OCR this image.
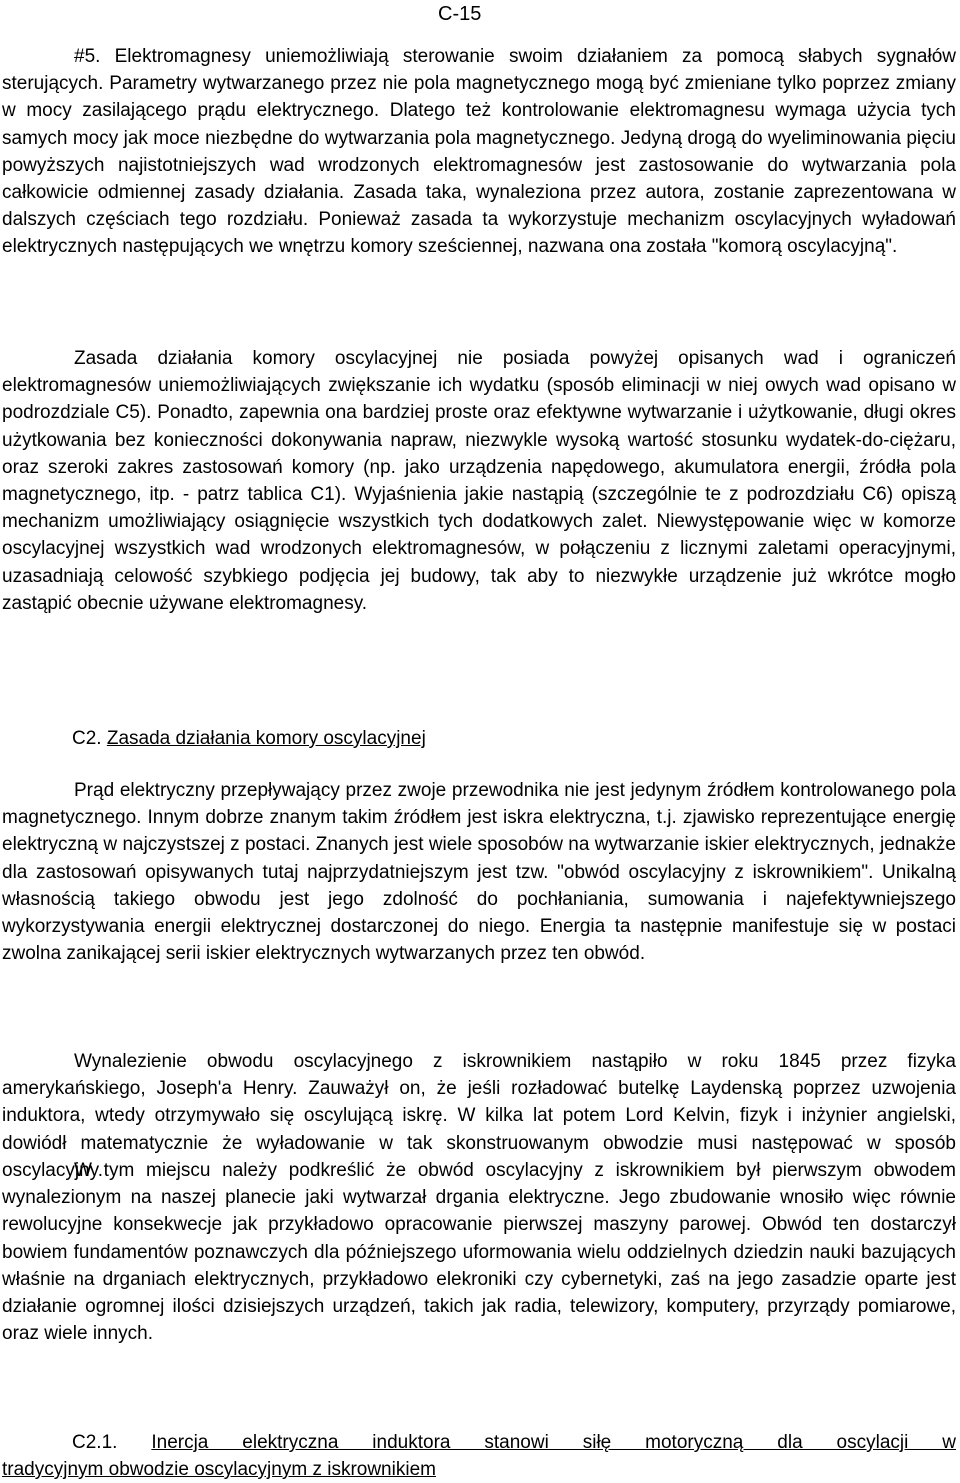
C-15

#5. Elektromagnesy uniemożliwiają sterowanie swoim działaniem za pomocą słabych sygnałów sterujących. Parametry wytwarzanego przez nie pola magnetycznego mogą być zmieniane tylko poprzez zmiany w mocy zasilającego prądu elektrycznego. Dlatego też kontrolowanie elektromagnesu wymaga użycia tych samych mocy jak moce niezbędne do wytwarzania pola magnetycznego. Jedyną drogą do wyeliminowania pięciu powyższych najistotniejszych wad wrodzonych elektromagnesów jest zastosowanie do wytwarzania pola całkowicie odmiennej zasady działania. Zasada taka, wynaleziona przez autora, zostanie zaprezentowana w dalszych częściach tego rozdziału. Ponieważ zasada ta wykorzystuje mechanizm oscylacyjnych wyładowań elektrycznych następujących we wnętrzu komory sześciennej, nazwana ona została "komorą oscylacyjną".

Zasada działania komory oscylacyjnej nie posiada powyżej opisanych wad i ograniczeń elektromagnesów uniemożliwiających zwiększanie ich wydatku (sposób eliminacji w niej owych wad opisano w podrozdziale C5). Ponadto, zapewnia ona bardziej proste oraz efektywne wytwarzanie i użytkowanie, długi okres użytkowania bez konieczności dokonywania napraw, niezwykle wysoką wartość stosunku wydatek-do-ciężaru, oraz szeroki zakres zastosowań komory (np. jako urządzenia napędowego, akumulatora energii, źródła pola magnetycznego, itp. - patrz tablica C1). Wyjaśnienia jakie nastąpią (szczególnie te z podrozdziału C6) opiszą mechanizm umożliwiający osiągnięcie wszystkich tych dodatkowych zalet. Niewystępowanie więc w komorze oscylacyjnej wszystkich wad wrodzonych elektromagnesów, w połączeniu z licznymi zaletami operacyjnymi, uzasadniają celowość szybkiego podjęcia jej budowy, tak aby to niezwykłe urządzenie już wkrótce mogło zastąpić obecnie używane elektromagnesy.

C2. Zasada działania komory oscylacyjnej

Prąd elektryczny przepływający przez zwoje przewodnika nie jest jedynym źródłem kontrolowanego pola magnetycznego. Innym dobrze znanym takim źródłem jest iskra elektryczna, t.j. zjawisko reprezentujące energię elektryczną w najczystszej z postaci. Znanych jest wiele sposobów na wytwarzanie iskier elektrycznych, jednakże dla zastosowań opisywanych tutaj najprzydatniejszym jest tzw. "obwód oscylacyjny z iskrownikiem". Unikalną własnością takiego obwodu jest jego zdolność do pochłaniania, sumowania i najefektywniejszego wykorzystywania energii elektrycznej dostarczonej do niego. Energia ta następnie manifestuje się w postaci zwolna zanikającej serii iskier elektrycznych wytwarzanych przez ten obwód.

Wynalezienie obwodu oscylacyjnego z iskrownikiem nastąpiło w roku 1845 przez fizyka amerykańskiego, Joseph'a Henry. Zauważył on, że jeśli rozładować butelkę Laydenską poprzez uzwojenia induktora, wtedy otrzymywało się oscylującą iskrę. W kilka lat potem Lord Kelvin, fizyk i inżynier angielski, dowiódł matematycznie że wyładowanie w tak skonstruowanym obwodzie musi następować w sposób oscylacyjny.

W tym miejscu należy podkreślić że obwód oscylacyjny z iskrownikiem był pierwszym obwodem wynalezionym na naszej planecie jaki wytwarzał drgania elektryczne. Jego zbudowanie wnosiło więc równie rewolucyjne konsekwecje jak przykładowo opracowanie pierwszej maszyny parowej. Obwód ten dostarczył bowiem fundamentów poznawczych dla późniejszego uformowania wielu oddzielnych dziedzin nauki bazujących właśnie na drganiach elektrycznych, przykładowo elekroniki czy cybernetyki, zaś na jego zasadzie oparte jest działanie ogromnej ilości dzisiejszych urządzeń, takich jak radia, telewizory, komputery, przyrządy pomiarowe, oraz wiele innych.

C2.1. Inercja elektryczna induktora stanowi siłę motoryczną dla oscylacji w
tradycyjnym obwodzie oscylacyjnym z iskrownikiem
